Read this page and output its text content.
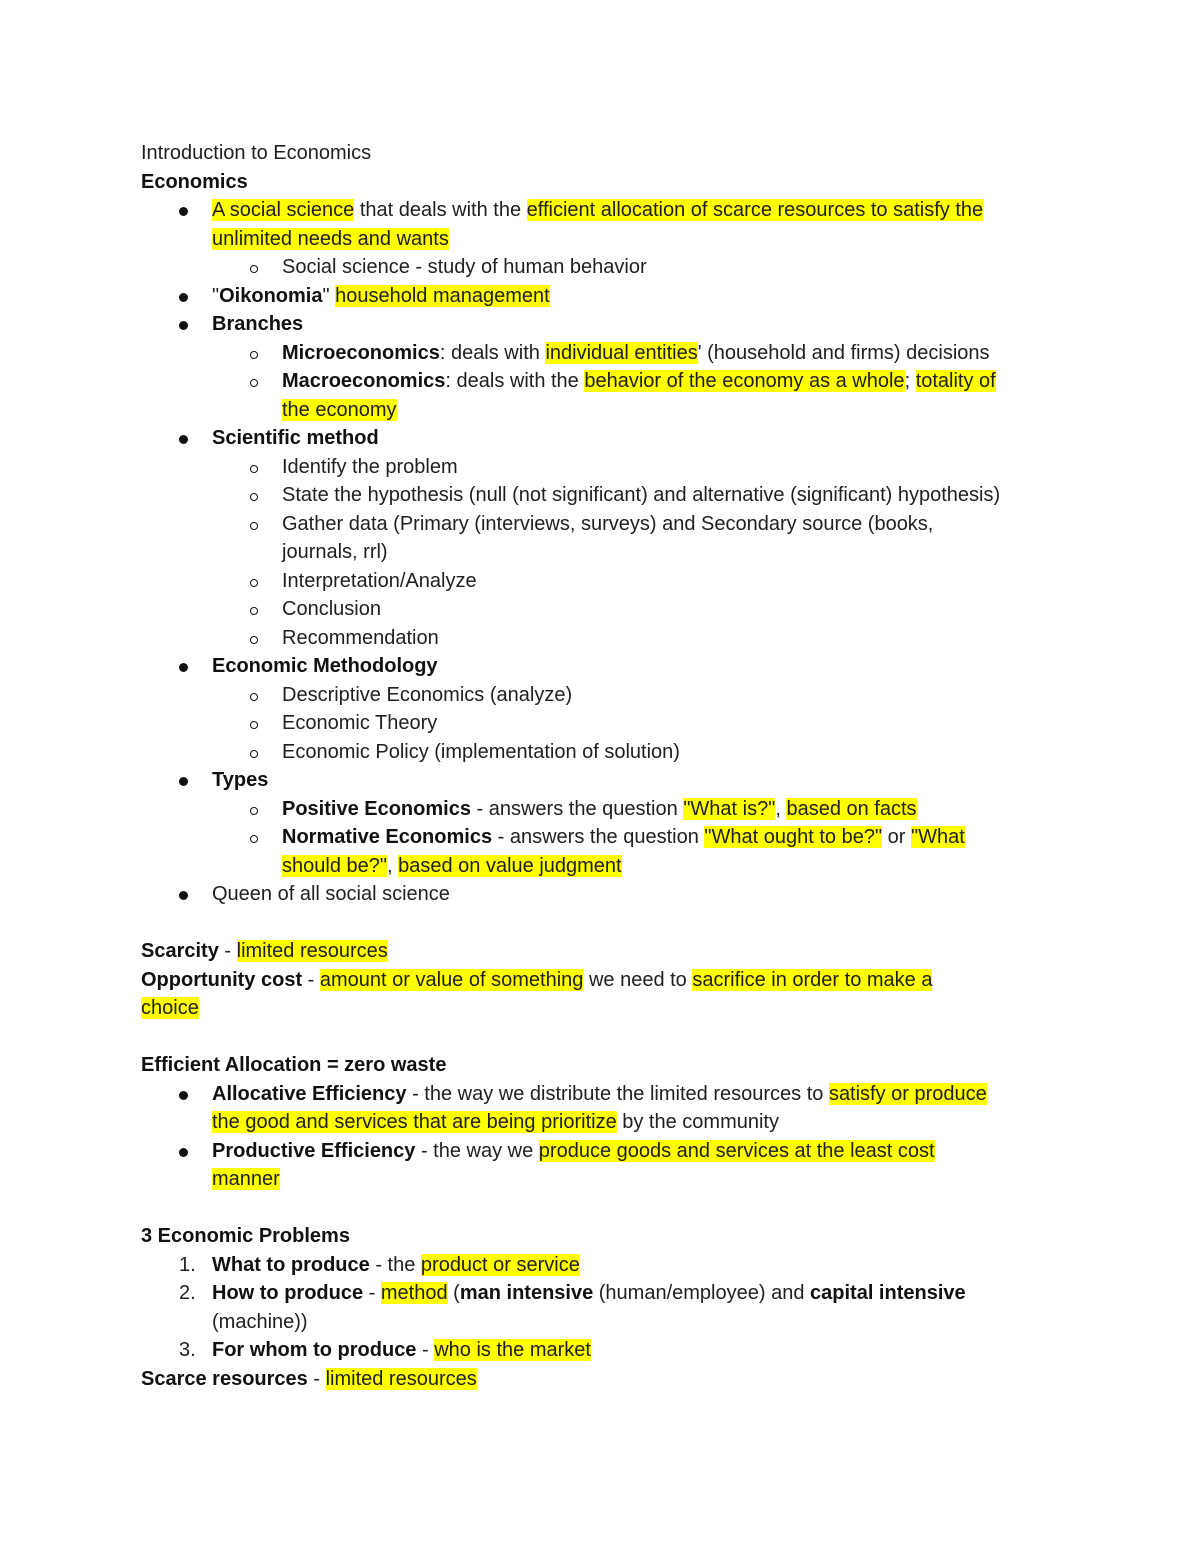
Introduction to Economics
Economics
A social science that deals with the efficient allocation of scarce resources to satisfy the
unlimited needs and wants
Social science - study of human behavior
"Oikonomia" household management
Branches
Microeconomics: deals with individual entities' (household and firms) decisions
Macroeconomics: deals with the behavior of the economy as a whole; totality of
the economy
Scientific method
Identify the problem
State the hypothesis (null (not significant) and alternative (significant) hypothesis)
Gather data (Primary (interviews, surveys) and Secondary source (books,
journals, rrl)
Interpretation/Analyze
Conclusion
Recommendation
Economic Methodology
Descriptive Economics (analyze)
Economic Theory
Economic Policy (implementation of solution)
Types
Positive Economics - answers the question "What is?", based on facts
Normative Economics - answers the question "What ought to be?" or "What
should be?", based on value judgment
Queen of all social science
Scarcity - limited resources
Opportunity cost - amount or value of something we need to sacrifice in order to make a
choice
Efficient Allocation = zero waste
Allocative Efficiency - the way we distribute the limited resources to satisfy or produce
the good and services that are being prioritize by the community
Productive Efficiency - the way we produce goods and services at the least cost
manner
3 Economic Problems
1. What to produce - the product or service
2. How to produce - method (man intensive (human/employee) and capital intensive
(machine))
3. For whom to produce - who is the market
Scarce resources - limited resources
